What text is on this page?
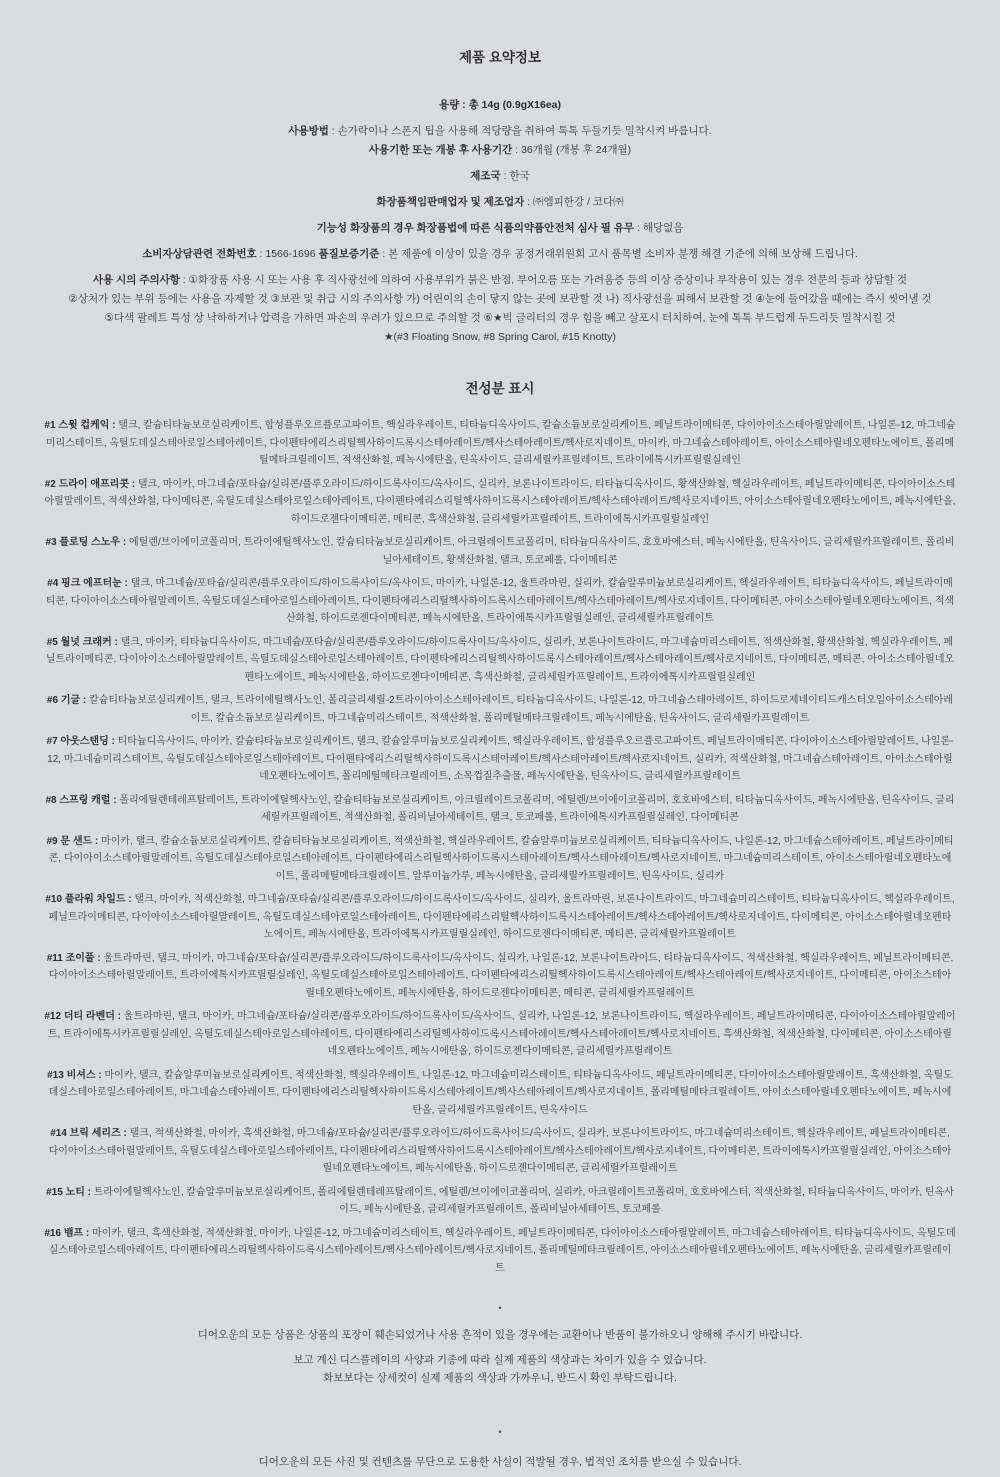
제품 요약정보

용량 : 총 14g (0.9gX16ea)

사용방법 : 손가락이나 스폰지 팁을 사용해 적당량을 취하여 톡톡 두들기듯 밀착시켜 바릅니다.

사용기한 또는 개봉 후 사용기간 : 36개월 (개봉 후 24개월)

제조국 : 한국

화장품책임판매업자 및 제조업자 : ㈜엠피한강 / 코다㈜

기능성 화장품의 경우 화장품법에 따른 식품의약품안전처 심사 필 유무 : 해당없음

소비자상담관련 전화번호 : 1566-1696 품질보증기준 : 본 제품에 이상이 있을 경우 공정거래위원회 고시 품목별 소비자 분쟁 해결 기준에 의해 보상해 드립니다.

사용 시의 주의사항 : ①화장품 사용 시 또는 사용 후 직사광선에 의하여 사용부위가 붉은 반점, 부어오름 또는 가려움증 등의 이상 증상이나 부작용이 있는 경우 전문의 등과 상담할 것

②상처가 있는 부위 등에는 사용을 자제할 것 ③보관 및 취급 시의 주의사항 가) 어린이의 손이 닿지 않는 곳에 보관할 것 나) 직사광선을 피해서 보관할 것 ④눈에 들어갔을 때에는 즉시 씻어낼 것

⑤다색 팔레트 특성 상 낙하하거나 압력을 가하면 파손의 우려가 있으므로 주의할 것 ⑥★빅 글리터의 경우 힘을 빼고 살포시 터치하여, 눈에 톡톡 부드럽게 두드리듯 밀착시킬 것

★(#3 Floating Snow, #8 Spring Carol, #15 Knotty)

전성분 표시

#1 스윗 컵케익 : 탤크, 칼슘티타늄보로실리케이트, 합성플루오르플로고파이트, 헥실라우레이트, 티타늄디옥사이드, 칼슘소듐보로실리케이트, 페닐트라이메티콘, 다이아이소스테아릴말레이트, 나일론-12, 마그네슘미리스테이트, 옥틸도데실스테아로일스테아레이트, 다이펜타에리스리틸헥사하이드록시스테아레이트/헥사스테아레이트/헥사로지네이트, 마이카, 마그네슘스테아레이트, 아이소스테아릴네오펜타노에이트, 폴리메틸메타크릴레이트, 적색산화철, 페녹시에탄올, 틴옥사이드, 글리세릴카프릴레이트, 트라이에톡시카프릴릴실레인

#2 드라이 애프리콧 : 탤크, 마이카, 마그네슘/포타슘/실리콘/플루오라이드/하이드록사이드/옥사이드, 실리카, 보론나이트라이드, 티타늄디옥사이드, 황색산화철, 헥실라우레이트, 페닐트라이메티콘, 다이아이소스테아릴말레이트, 적색산화철, 다이메티콘, 옥틸도데실스테아로일스테아레이트, 다이펜타에리스리틸헥사하이드록시스테아레이트/헥사스테아레이트/헥사로지네이트, 아이소스테아릴네오펜타노에이트, 페녹시에탄올, 하이드로젠다이메티콘, 메티콘, 흑색산화철, 글리세릴카프릴레이트, 트라이에톡시카프릴릴실레인

#3 플로팅 스노우 : 에틸렌/브이에이코폴리머, 트라이에틸헥사노인, 칼슘티타늄보로실리케이트, 아크릴레이트코폴리머, 티타늄디옥사이드, 호호바에스터, 페녹시에탄올, 틴옥사이드, 글리세릴카프릴레이트, 폴리비닐아세테이트, 황색산화철, 탤크, 토코페롤, 다이메티콘

#4 핑크 에프터눈 : 탤크, 마그네슘/포타슘/실리콘/플루오라이드/하이드록사이드/옥사이드, 마이카, 나일론-12, 울트라마린, 실리카, 칼슘알루미늄보로실리케이트, 헥실라우레이트, 티타늄디옥사이드, 페닐트라이메티콘, 다이아이소스테아릴말레이트, 옥틸도데실스테아로일스테아레이트, 다이펜타에리스리틸헥사하이드록시스테아레이트/헥사스테아레이트/헥사로지네이트, 다이메티콘, 아이소스테아릴네오펜타노에이트, 적색산화철, 하이드로젠다이메티콘, 페녹시에탄올, 트라이에톡시카프릴릴실레인, 글리세릴카프릴레이트

#5 월넛 크래커 : 탤크, 마이카, 티타늄디옥사이드, 마그네슘/포타슘/실리콘/플루오라이드/하이드록사이드/옥사이드, 실리카, 보론나이트라이드, 마그네슘미리스테이트, 적색산화철, 황색산화철, 헥실라우레이트, 페닐트라이메티콘, 다이아이소스테아릴말레이트, 옥틸도데실스테아로일스테아레이트, 다이펜타에리스리틸헥사하이드록시스테아레이트/헥사스테아레이트/헥사로지네이트, 다이메티콘, 메티콘, 아이소스테아릴네오펜타노에이트, 페녹시에탄올, 하이드로젠다이메티콘, 흑색산화철, 글리세릴카프릴레이트, 트라이에톡시카프릴릴실레인

#6 기글 : 칼슘티타늄보로실리케이트, 탤크, 트라이에틸헥사노인, 폴리글리세릴-2트라이아이소스테아레이트, 티타늄디옥사이드, 나일론-12, 마그네슘스테아레이트, 하이드로제네이티드캐스터오일아이소스테아레이트, 칼슘소듐보로실리케이트, 마그네슘미리스테이트, 적색산화철, 폴리메틸메타크릴레이트, 페녹시에탄올, 틴옥사이드, 글리세릴카프릴레이트

#7 아웃스탠딩 : 티타늄디옥사이드, 마이카, 칼슘티타늄보로실리케이트, 탤크, 칼슘알루미늄보로실리케이트, 헥실라우레이트, 합성플루오르플로고파이트, 페닐트라이메티콘, 다이아이소스테아릴말레이트, 나일론-12, 마그네슘미리스테이트, 옥틸도데실스테아로일스테아레이트, 다이펜타에리스리틸헥사하이드록시스테아레이트/헥사스테아레이트/헥사로지네이트, 실리카, 적색산화철, 마그네슘스테아레이트, 아이소스테아릴네오펜타노에이트, 폴리메틸메타크릴레이트, 소목껍질추출물, 페녹시에탄올, 틴옥사이드, 글리세릴카프릴레이트

#8 스프링 캐럴 : 폴리에틸렌테레프탈레이트, 트라이에틸헥사노인, 칼슘티타늄보로실리케이트, 아크릴레이트코폴리머, 에틸렌/브이에이코폴리머, 호호바에스터, 티타늄디옥사이드, 페녹시에탄올, 틴옥사이드, 글리세릴카프릴레이트, 적색산화철, 폴리비닐아세테이트, 탤크, 토코페롤, 트라이에톡시카프릴릴실레인, 다이메티콘

#9 문 샌드 : 마이카, 탤크, 칼슘소듐보로실리케이트, 칼슘티타늄보로실리케이트, 적색산화철, 헥실라우레이트, 칼슘알루미늄보로실리케이트, 티타늄디옥사이드, 나일론-12, 마그네슘스테아레이트, 페닐트라이메티콘, 다이아이소스테아릴말레이트, 옥틸도데실스테아로일스테아레이트, 다이펜타에리스리틸헥사하이드록시스테아레이트/헥사스테아레이트/헥사로지네이트, 마그네슘미리스테이트, 아이소스테아릴네오펜타노에이트, 폴리메틸메타크릴레이트, 알루미늄가루, 페녹시에탄올, 글리세릴카프릴레이트, 틴옥사이드, 실리카

#10 플라워 차일드 : 탤크, 마이카, 적색산화철, 마그네슘/포타슘/실리콘/플루오라이드/하이드록사이드/옥사이드, 실리카, 울트라마린, 보론나이트라이드, 마그네슘미리스테이트, 티타늄디옥사이드, 헥실라우레이트, 페닐트라이메티콘, 다이아이소스테아릴말레이트, 옥틸도데실스테아로일스테아레이트, 다이펜타에리스리틸헥사하이드록시스테아레이트/헥사스테아레이트/헥사로지네이트, 다이메티콘, 아이소스테아릴네오펜타노에이트, 페녹시에탄올, 트라이에톡시카프릴릴실레인, 하이드로젠다이메티콘, 메티콘, 글리세릴카프릴레이트

#11 조이풀 : 울트라마린, 탤크, 마이카, 마그네슘/포타슘/실리콘/플루오라이드/하이드록사이드/옥사이드, 실리카, 나일론-12, 보론나이트라이드, 티타늄디옥사이드, 적색산화철, 헥실라우레이트, 페닐트라이메티콘, 다이아이소스테아릴말레이트, 트라이에톡시카프릴릴실레인, 옥틸도데실스테아로일스테아레이트, 다이펜타에리스리틸헥사하이드록시스테아레이트/헥사스테아레이트/헥사로지네이트, 다이메티콘, 아이소스테아릴네오펜타노에이트, 페녹시에탄올, 하이드로젠다이메티콘, 메티콘, 글리세릴카프릴레이트

#12 더티 라벤더 : 울트라마린, 탤크, 마이카, 마그네슘/포타슘/실리콘/플루오라이드/하이드록사이드/옥사이드, 실리카, 나일론-12, 보론나이트라이드, 헥실라우레이트, 페닐트라이메티콘, 다이아이소스테아릴말레이트, 트라이에톡시카프릴릴실레인, 옥틸도데실스테아로일스테아레이트, 다이펜타에리스리틸헥사하이드록시스테아레이트/헥사스테아레이트/헥사로지네이트, 흑색산화철, 적색산화철, 다이메티콘, 아이소스테아릴네오펜타노에이트, 페녹시에탄올, 하이드로젠다이메티콘, 글리세릴카프릴레이트

#13 비셔스 : 마이카, 탤크, 칼슘알루미늄보로실리케이트, 적색산화철, 헥실라우레이트, 나일론-12, 마그네슘미리스테이트, 티타늄디옥사이드, 페닐트라이메티콘, 다이아이소스테아릴말레이트, 흑색산화철, 옥틸도데실스테아로일스테아레이트, 마그네슘스테아레이트, 다이펜타에리스리틸헥사하이드록시스테아레이트/헥사스테아레이트/헥사로지네이트, 폴리메틸메타크릴레이트, 아이소스테아릴네오펜타노에이트, 페녹시에탄올, 글리세릴카프릴레이트, 틴옥사이드

#14 브릭 세리즈 : 탤크, 적색산화철, 마이카, 흑색산화철, 마그네슘/포타슘/실리콘/플루오라이드/하이드록사이드/옥사이드, 실리카, 보론나이트라이드, 마그네슘미리스테이트, 헥실라우레이트, 페닐트라이메티콘, 다이아이소스테아릴말레이트, 옥틸도데실스테아로일스테아레이트, 다이펜타에리스리틸헥사하이드록시스테아레이트/헥사스테아레이트/헥사로지네이트, 다이메티콘, 트라이에톡시카프릴릴실레인, 아이소스테아릴네오펜타노에이트, 페녹시에탄올, 하이드로젠다이메티콘, 글리세릴카프릴레이트

#15 노티 : 트라이에틸헥사노인, 칼슘알루미늄보로실리케이트, 폴리에틸렌테레프탈레이트, 에틸렌/브이에이코폴리머, 실리카, 아크릴레이트코폴리머, 호호바에스터, 적색산화철, 티타늄디옥사이드, 마이카, 틴옥사이드, 페녹시에탄올, 글리세릴카프릴레이트, 폴리비닐아세테이트, 토코페롤

#16 뱀프 : 마이카, 탤크, 흑색산화철, 적색산화철, 마이카, 나일론-12, 마그네슘미리스테이트, 헥실라우레이트, 페닐트라이메티콘, 다이아이소스테아릴말레이트, 마그네슘스테아레이트, 티타늄디옥사이드, 옥틸도데실스테아로일스테아레이트, 다이펜타에리스리틸헥사하이드록시스테아레이트/헥사스테아레이트/헥사로지네이트, 폴리메틸메타크릴레이트, 아이소스테아릴네오펜타노에이트, 페녹시에탄올, 글리세릴카프릴레이트

•

디어오운의 모든 상품은 상품의 포장이 훼손되었거나 사용 흔적이 있을 경우에는 교환이나 반품이 불가하오니 양해해 주시기 바랍니다.

보고 계신 디스플레이의 사양과 기종에 따라 실제 제품의 색상과는 차이가 있을 수 있습니다.

화보보다는 상세컷이 실제 제품의 색상과 가까우니, 반드시 확인 부탁드립니다.

•

디어오운의 모든 사진 및 컨텐츠를 무단으로 도용한 사실이 적발될 경우, 법적인 조치를 받으실 수 있습니다.
